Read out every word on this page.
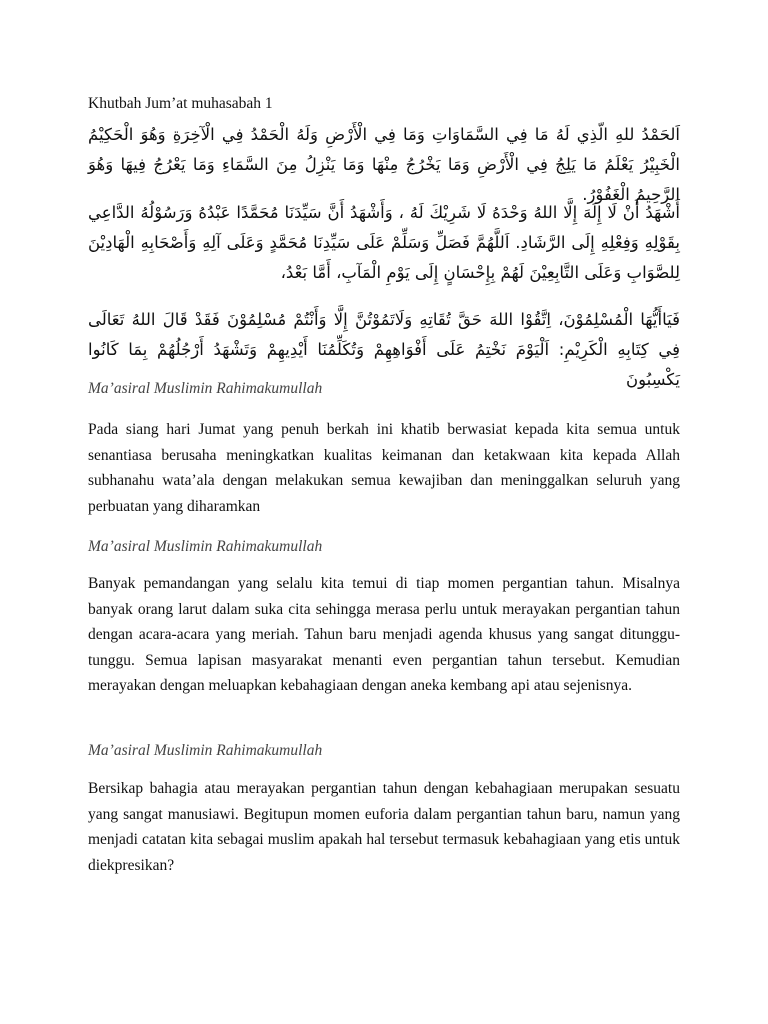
Khutbah Jum’at muhasabah 1

اَلحَمْدُ للهِ الّذِي لَهُ مَا فِي السَّمَاوَاتِ وَمَا فِي الْأَرْضِ وَلَهُ الْحَمْدُ فِي الْآخِرَةِ وَهُوَ الْحَكِيْمُ الْخَبِيْرُ يَعْلَمُ مَا يَلِجُ فِي الْأَرْضِ وَمَا يَخْرُجُ مِنْهَا وَمَا يَنْزِلُ مِنَ السَّمَاءِ وَمَا يَعْرُجُ فِيهَا وَهُوَ الرَّحِيمُ الْغَفُوْرُ.

أَشْهَدُ أَنْ لَا إِلَهَ إِلَّا اللهُ وَحْدَهُ لَا شَرِيْكَ لَهُ ، وَأَشْهَدُ أَنَّ سَيِّدَنَا مُحَمَّدًا عَبْدُهُ وَرَسُوْلُهُ الدَّاعِي بِقَوْلِهِ وَفِعْلِهِ إِلَى الرَّشَادِ. اَللَّهُمَّ فَصَلِّ وَسَلِّمْ عَلَى سَيِّدِنَا مُحَمَّدٍ وَعَلَى آلِهِ وَأَصْحَابِهِ الْهَادِيْنَ لِلصَّوَابِ وَعَلَى التَّابِعِيْنَ لَهُمْ بِإِحْسَانٍ إِلَى يَوْمِ الْمَآبِ، أَمَّا بَعْدُ،

فَيَاأَيُّهَا الْمُسْلِمُوْنَ، اِتَّقُوْا اللهَ حَقَّ تُقَاتِهِ وَلَاتَمُوْتُنَّ إِلَّا وَأَنْتُمْ مُسْلِمُوْنَ فَقَدْ قَالَ اللهُ تَعَالَى فِي كِتَابِهِ الْكَرِيْمِ: اَلْيَوْمَ نَخْتِمُ عَلَى أَفْوَاهِهِمْ وَتُكَلِّمُنَا أَيْدِيهِمْ وَتَشْهَدُ أَرْجُلُهُمْ بِمَا كَانُوا يَكْسِبُونَ

Ma’asiral Muslimin Rahimakumullah

Pada siang hari Jumat yang penuh berkah ini khatib berwasiat kepada kita semua untuk senantiasa berusaha meningkatkan kualitas keimanan dan ketakwaan kita kepada Allah subhanahu wata’ala dengan melakukan semua kewajiban dan meninggalkan seluruh yang perbuatan yang diharamkan

Ma’asiral Muslimin Rahimakumullah

Banyak pemandangan yang selalu kita temui di tiap momen pergantian tahun. Misalnya banyak orang larut dalam suka cita sehingga merasa perlu untuk merayakan pergantian tahun dengan acara-acara yang meriah. Tahun baru menjadi agenda khusus yang sangat ditunggu-tunggu. Semua lapisan masyarakat menanti even pergantian tahun tersebut. Kemudian merayakan dengan meluapkan kebahagiaan dengan aneka kembang api atau sejenisnya.

Ma’asiral Muslimin Rahimakumullah

Bersikap bahagia atau merayakan pergantian tahun dengan kebahagiaan merupakan sesuatu yang sangat manusiawi. Begitupun momen euforia dalam pergantian tahun baru, namun yang menjadi catatan kita sebagai muslim apakah hal tersebut termasuk kebahagiaan yang etis untuk diekpresikan?
